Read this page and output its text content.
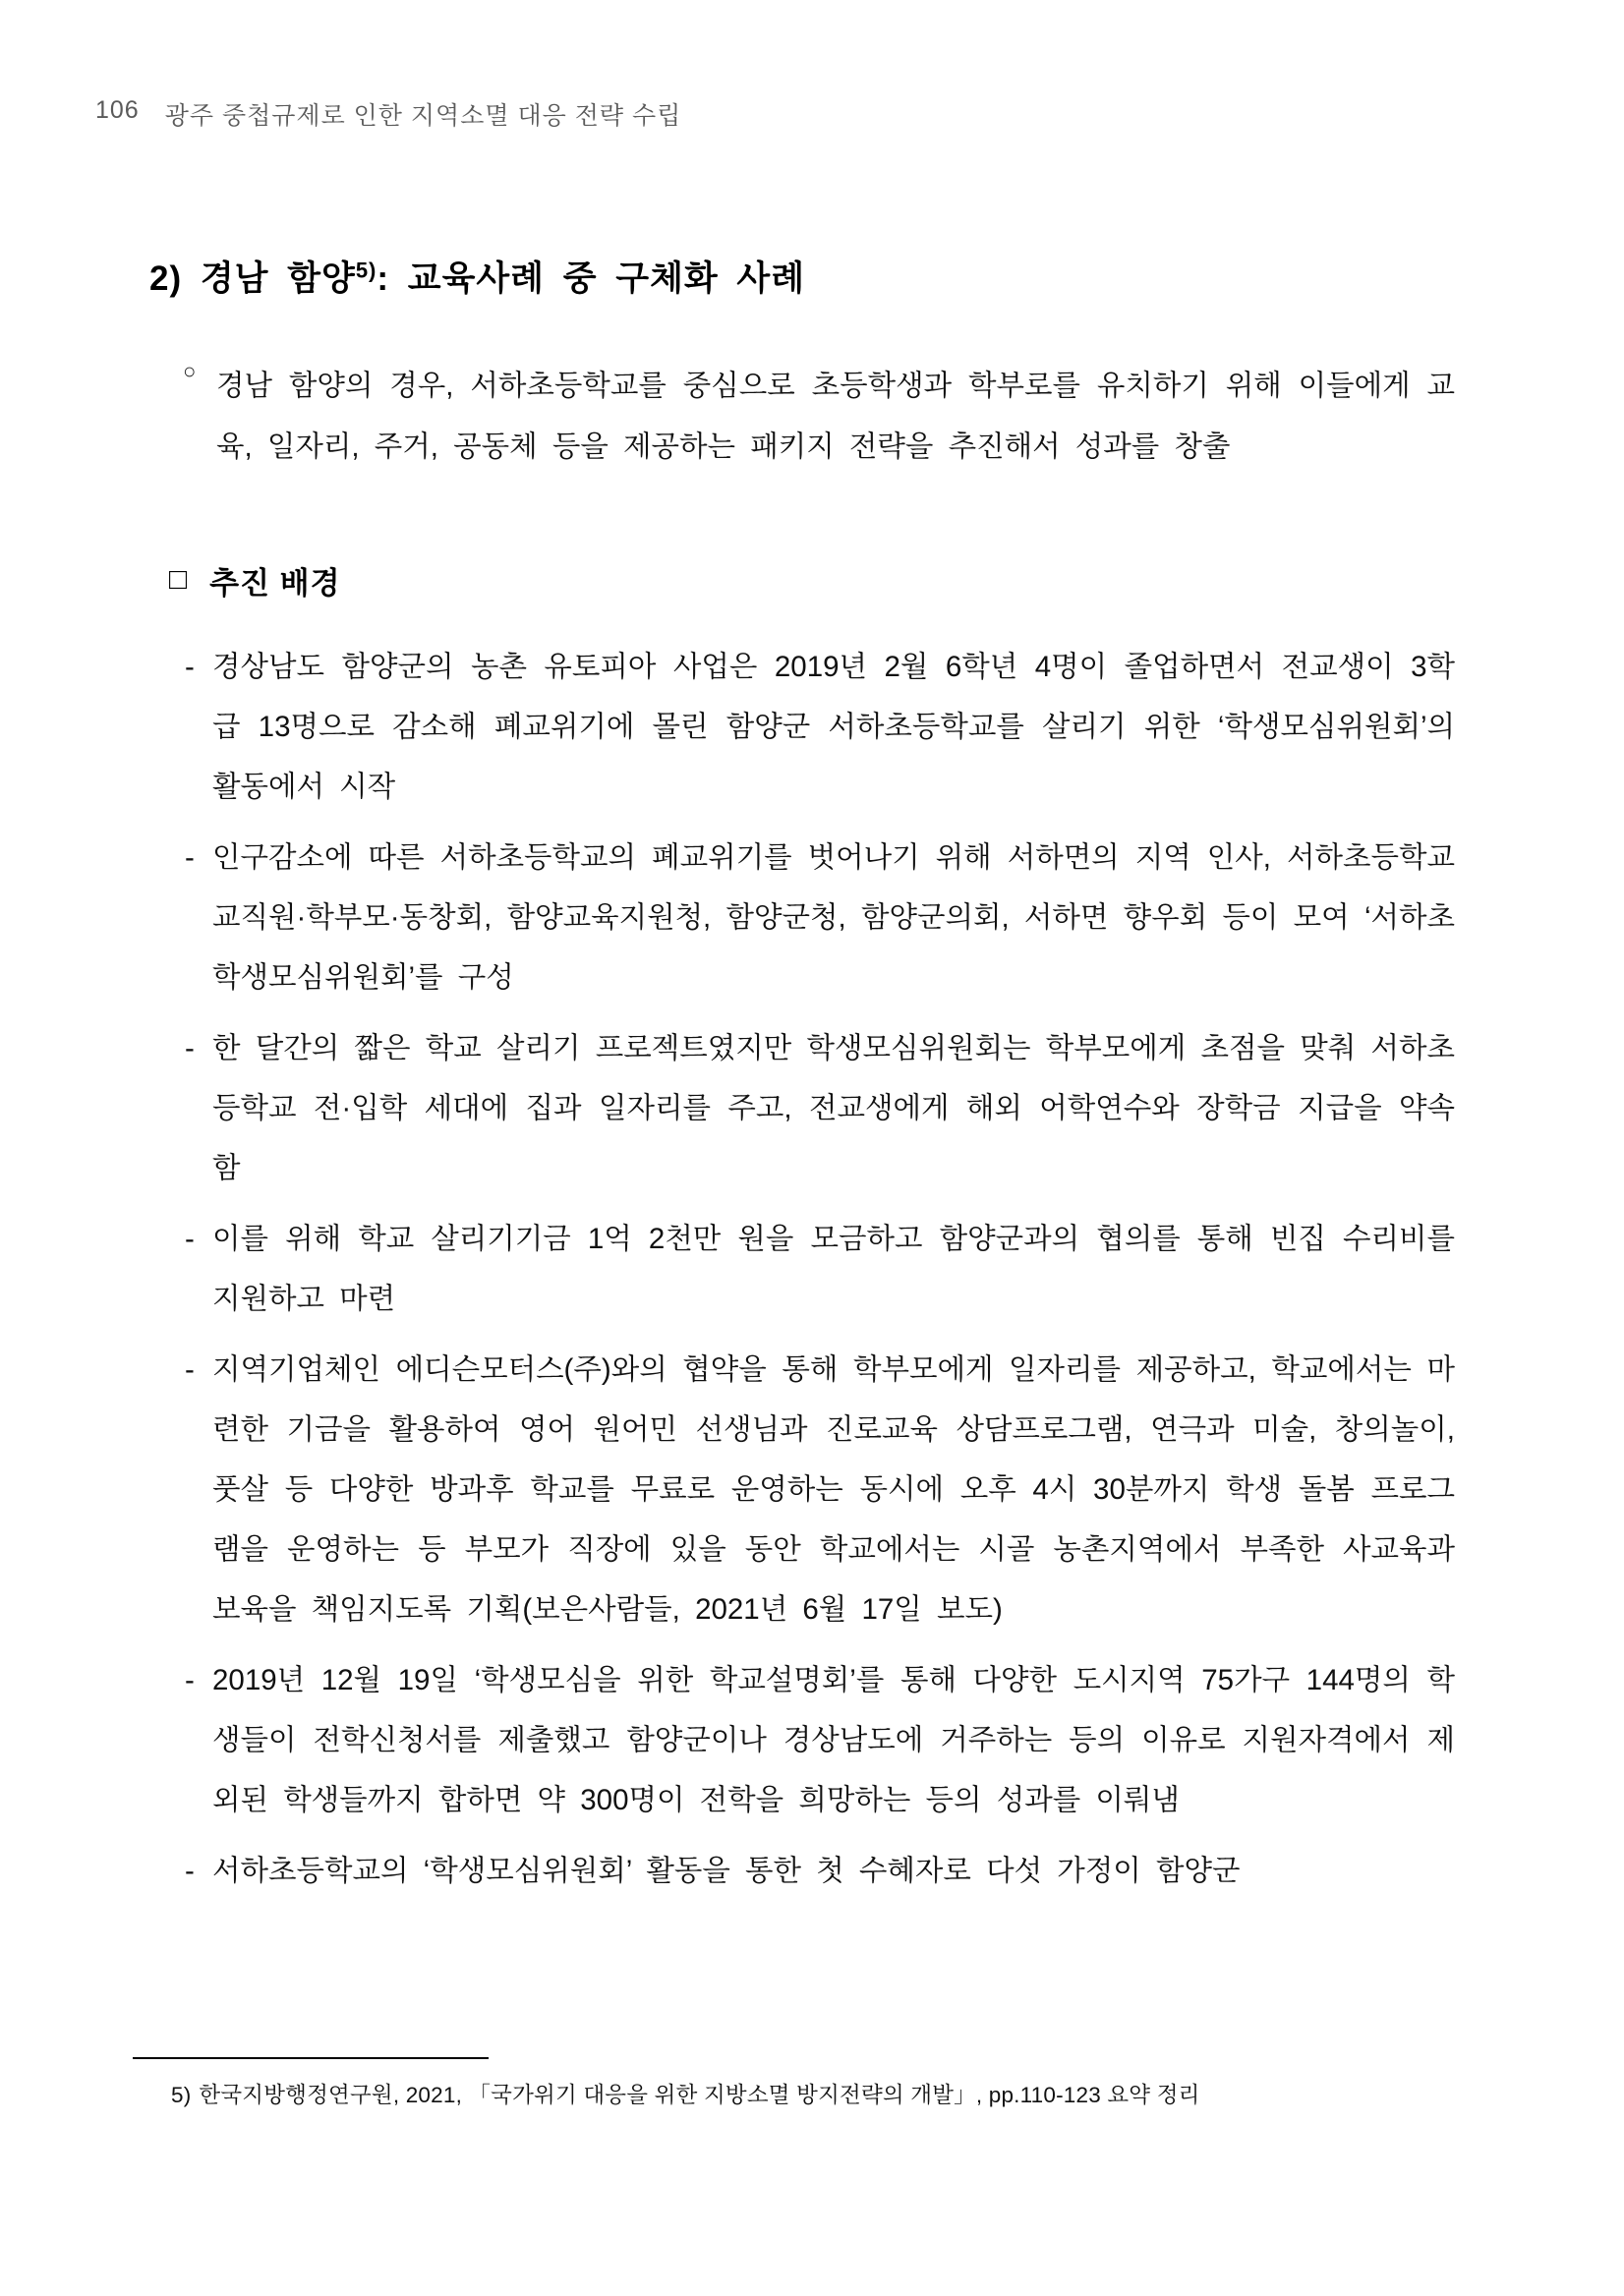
106 광주 중첩규제로 인한 지역소멸 대응 전략 수립
2) 경남 함양$^{5)}$: 교육사례 중 구체화 사례
○ 경남 함양의 경우, 서하초등학교를 중심으로 초등학생과 학부로를 유치하기 위해 이들에게 교육, 일자리, 주거, 공동체 등을 제공하는 패키지 전략을 추진해서 성과를 창출

□ 추진 배경
- 경상남도 함양군의 농촌 유토피아 사업은 2019년 2월 6학년 4명이 졸업하면서 전교생이 3학급 13명으로 감소해 폐교위기에 몰린 함양군 서하초등학교를 살리기 위한 ‘학생모심위원회’의 활동에서 시작

- 인구감소에 따른 서하초등학교의 폐교위기를 벗어나기 위해 서하면의 지역 인사, 서하초등학교 교직원·학부모·동창회, 함양교육지원청, 함양군청, 함양군의회, 서하면 향우회 등이 모여 ‘서하초학생모심위원회’를 구성

- 한 달간의 짧은 학교 살리기 프로젝트였지만 학생모심위원회는 학부모에게 초점을 맞춰 서하초등학교 전·입학 세대에 집과 일자리를 주고, 전교생에게 해외 어학연수와 장학금 지급을 약속함

- 이를 위해 학교 살리기기금 1억 2천만 원을 모금하고 함양군과의 협의를 통해 빈집 수리비를 지원하고 마련

- 지역기업체인 에디슨모터스(주)와의 협약을 통해 학부모에게 일자리를 제공하고, 학교에서는 마련한 기금을 활용하여 영어 원어민 선생님과 진로교육 상담프로그램, 연극과 미술, 창의놀이, 풋살 등 다양한 방과후 학교를 무료로 운영하는 동시에 오후 4시 30분까지 학생 돌봄 프로그램을 운영하는 등 부모가 직장에 있을 동안 학교에서는 시골 농촌지역에서 부족한 사교육과 보육을 책임지도록 기획(보은사람들, 2021년 6월 17일 보도)

- 2019년 12월 19일 ‘학생모심을 위한 학교설명회’를 통해 다양한 도시지역 75가구 144명의 학생들이 전학신청서를 제출했고 함양군이나 경상남도에 거주하는 등의 이유로 지원자격에서 제외된 학생들까지 합하면 약 300명이 전학을 희망하는 등의 성과를 이뤄냄

- 서하초등학교의 ‘학생모심위원회’ 활동을 통한 첫 수혜자로 다섯 가정이 함양군

5) 한국지방행정연구원, 2021, 「국가위기 대응을 위한 지방소멸 방지전략의 개발」, pp.110-123 요약 정리
